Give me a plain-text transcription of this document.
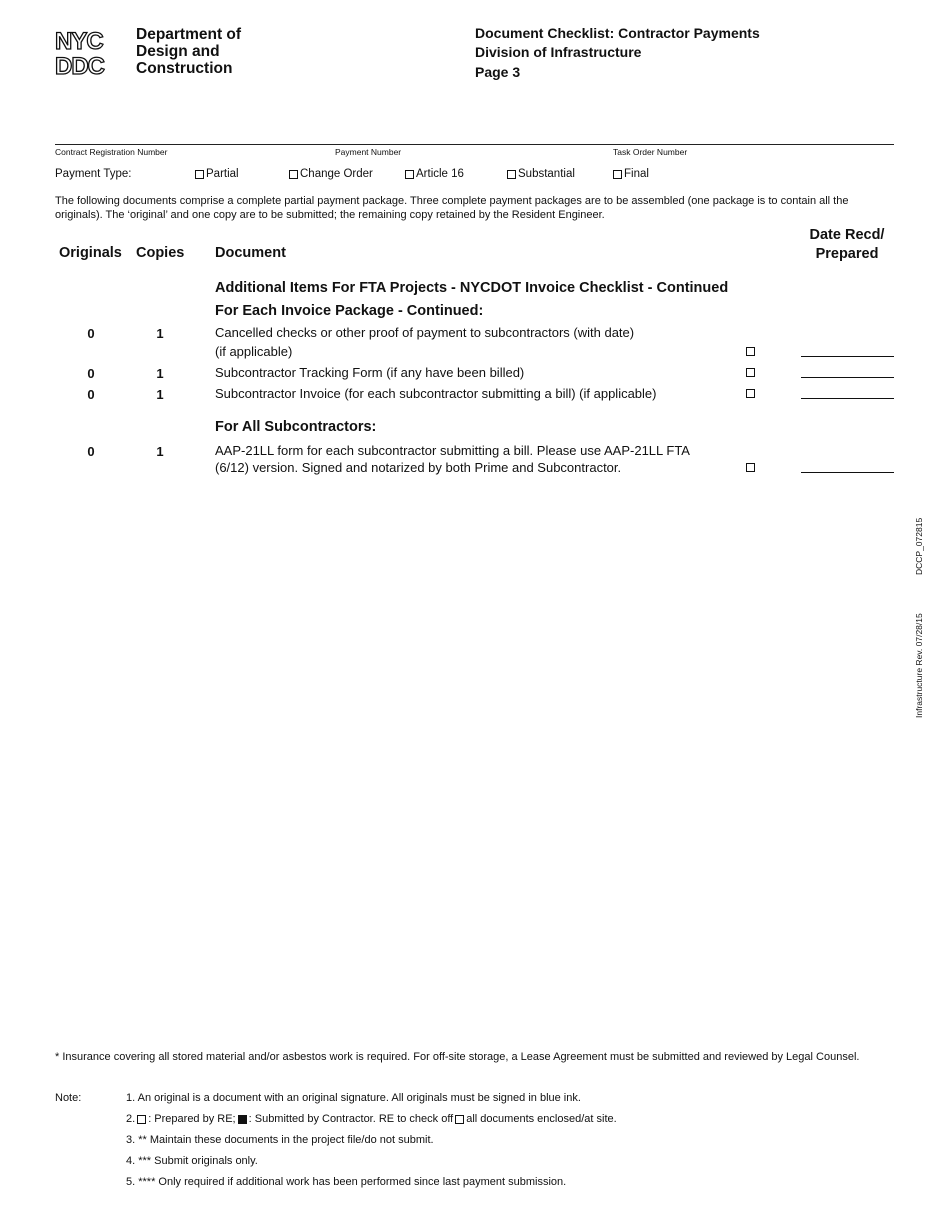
NYC
DDC
Department of
Design and
Construction
Document Checklist: Contractor Payments
Division of Infrastructure
Page 3
Contract Registration Number	Payment Number	Task Order Number
Payment Type:	Partial	Change Order	Article 16	Substantial	Final
The following documents comprise a complete partial payment package. Three complete payment packages are to be assembled (one package is to contain all the originals). The ‘original’ and one copy are to be submitted; the remaining copy retained by the Resident Engineer.
Originals Copies Document
Date Recd/
Prepared
Additional Items For FTA Projects - NYCDOT Invoice Checklist - Continued
For Each Invoice Package - Continued:
0	1	Cancelled checks or other proof of payment to subcontractors (with date)
(if applicable)
0	1	Subcontractor Tracking Form (if any have been billed)
0	1	Subcontractor Invoice (for each subcontractor submitting a bill) (if applicable)
For All Subcontractors:
0	1	AAP-21LL form for each subcontractor submitting a bill. Please use AAP-21LL FTA
(6/12) version. Signed and notarized by both Prime and Subcontractor.
DCCP_072815
Infrastructure Rev. 07/28/15
* Insurance covering all stored material and/or asbestos work is required. For off-site storage, a Lease Agreement must be submitted and reviewed by Legal Counsel.
Note:	1. An original is a document with an original signature. All originals must be signed in blue ink.
2. : Prepared by RE; : Submitted by Contractor. RE to check off all documents enclosed/at site.
3. ** Maintain these documents in the project file/do not submit.
4. *** Submit originals only.
5. **** Only required if additional work has been performed since last payment submission.
